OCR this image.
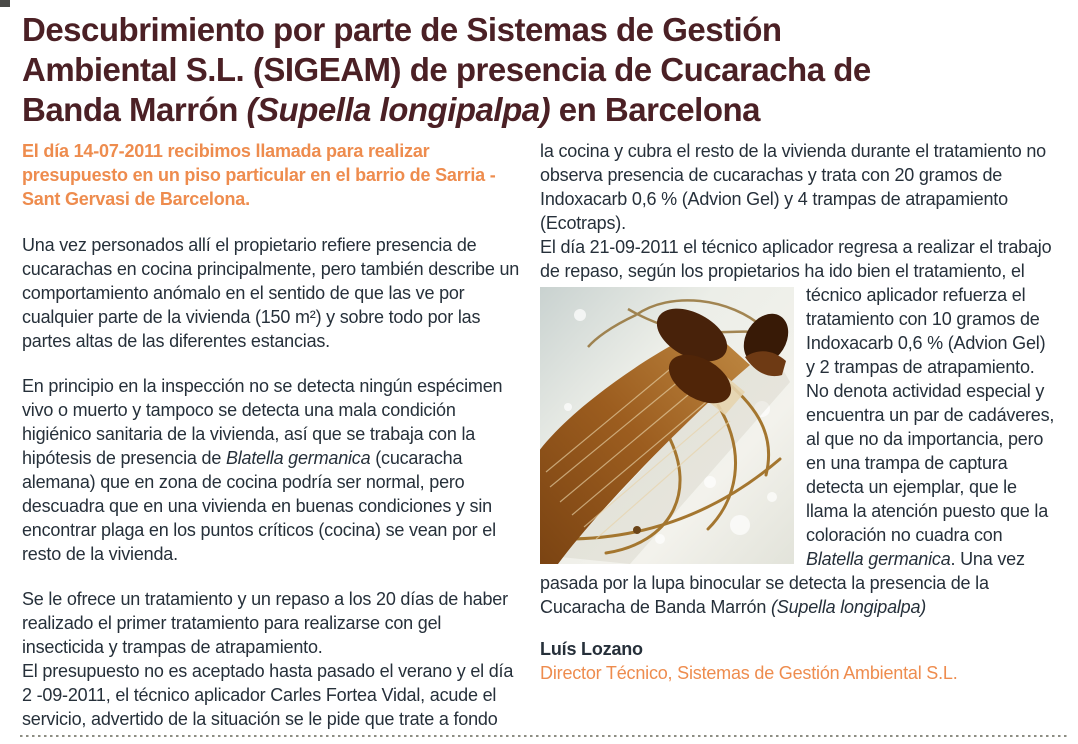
Descubrimiento por parte de Sistemas de Gestión
Ambiental S.L. (SIGEAM) de presencia de Cucaracha de
Banda Marrón (Supella longipalpa) en Barcelona

El día 14-07-2011 recibimos llamada para realizar presupuesto en un piso particular en el barrio de Sarria -Sant Gervasi de Barcelona.

Una vez personados allí el propietario refiere presencia de cucarachas en cocina principalmente, pero también describe un comportamiento anómalo en el sentido de que las ve por cualquier parte de la vivienda (150 m²) y sobre todo por las partes altas de las diferentes estancias.

En principio en la inspección no se detecta ningún espécimen vivo o muerto y tampoco se detecta una mala condición higiénico sanitaria de la vivienda, así que se trabaja con la hipótesis de presencia de Blatella germanica (cucaracha alemana) que en zona de cocina podría ser normal, pero descuadra que en una vivienda en buenas condiciones y sin encontrar plaga en los puntos críticos (cocina) se vean por el resto de la vivienda.

Se le ofrece un tratamiento y un repaso a los 20 días de haber realizado el primer tratamiento para realizarse con gel insecticida y trampas de atrapamiento.

El presupuesto no es aceptado hasta pasado el verano y el día 2 -09-2011, el técnico aplicador Carles Fortea Vidal, acude el servicio, advertido de la situación se le pide que trate a fondo

la cocina y cubra el resto de la vivienda durante el tratamiento no observa presencia de cucarachas y trata con 20 gramos de Indoxacarb 0,6 % (Advion Gel) y 4 trampas de atrapamiento (Ecotraps).

El día 21-09-2011 el técnico aplicador regresa a realizar el trabajo de repaso, según los propietarios ha ido bien el
tratamiento, el técnico aplicador refuerza el tratamiento con 10 gramos de Indoxacarb 0,6 % (Advion Gel) y 2 trampas de atrapamiento. No denota actividad especial y encuentra un par de cadáveres, al que no da importancia, pero en una trampa de captura detecta un ejemplar, que le llama la atención puesto que la coloración no cuadra con Blatella germanica. Una vez pasada por la lupa binocular se detecta la presencia de la Cucaracha de Banda Marrón (Supella longipalpa)
Luís Lozano
Director Técnico, Sistemas de Gestión Ambiental S.L.
